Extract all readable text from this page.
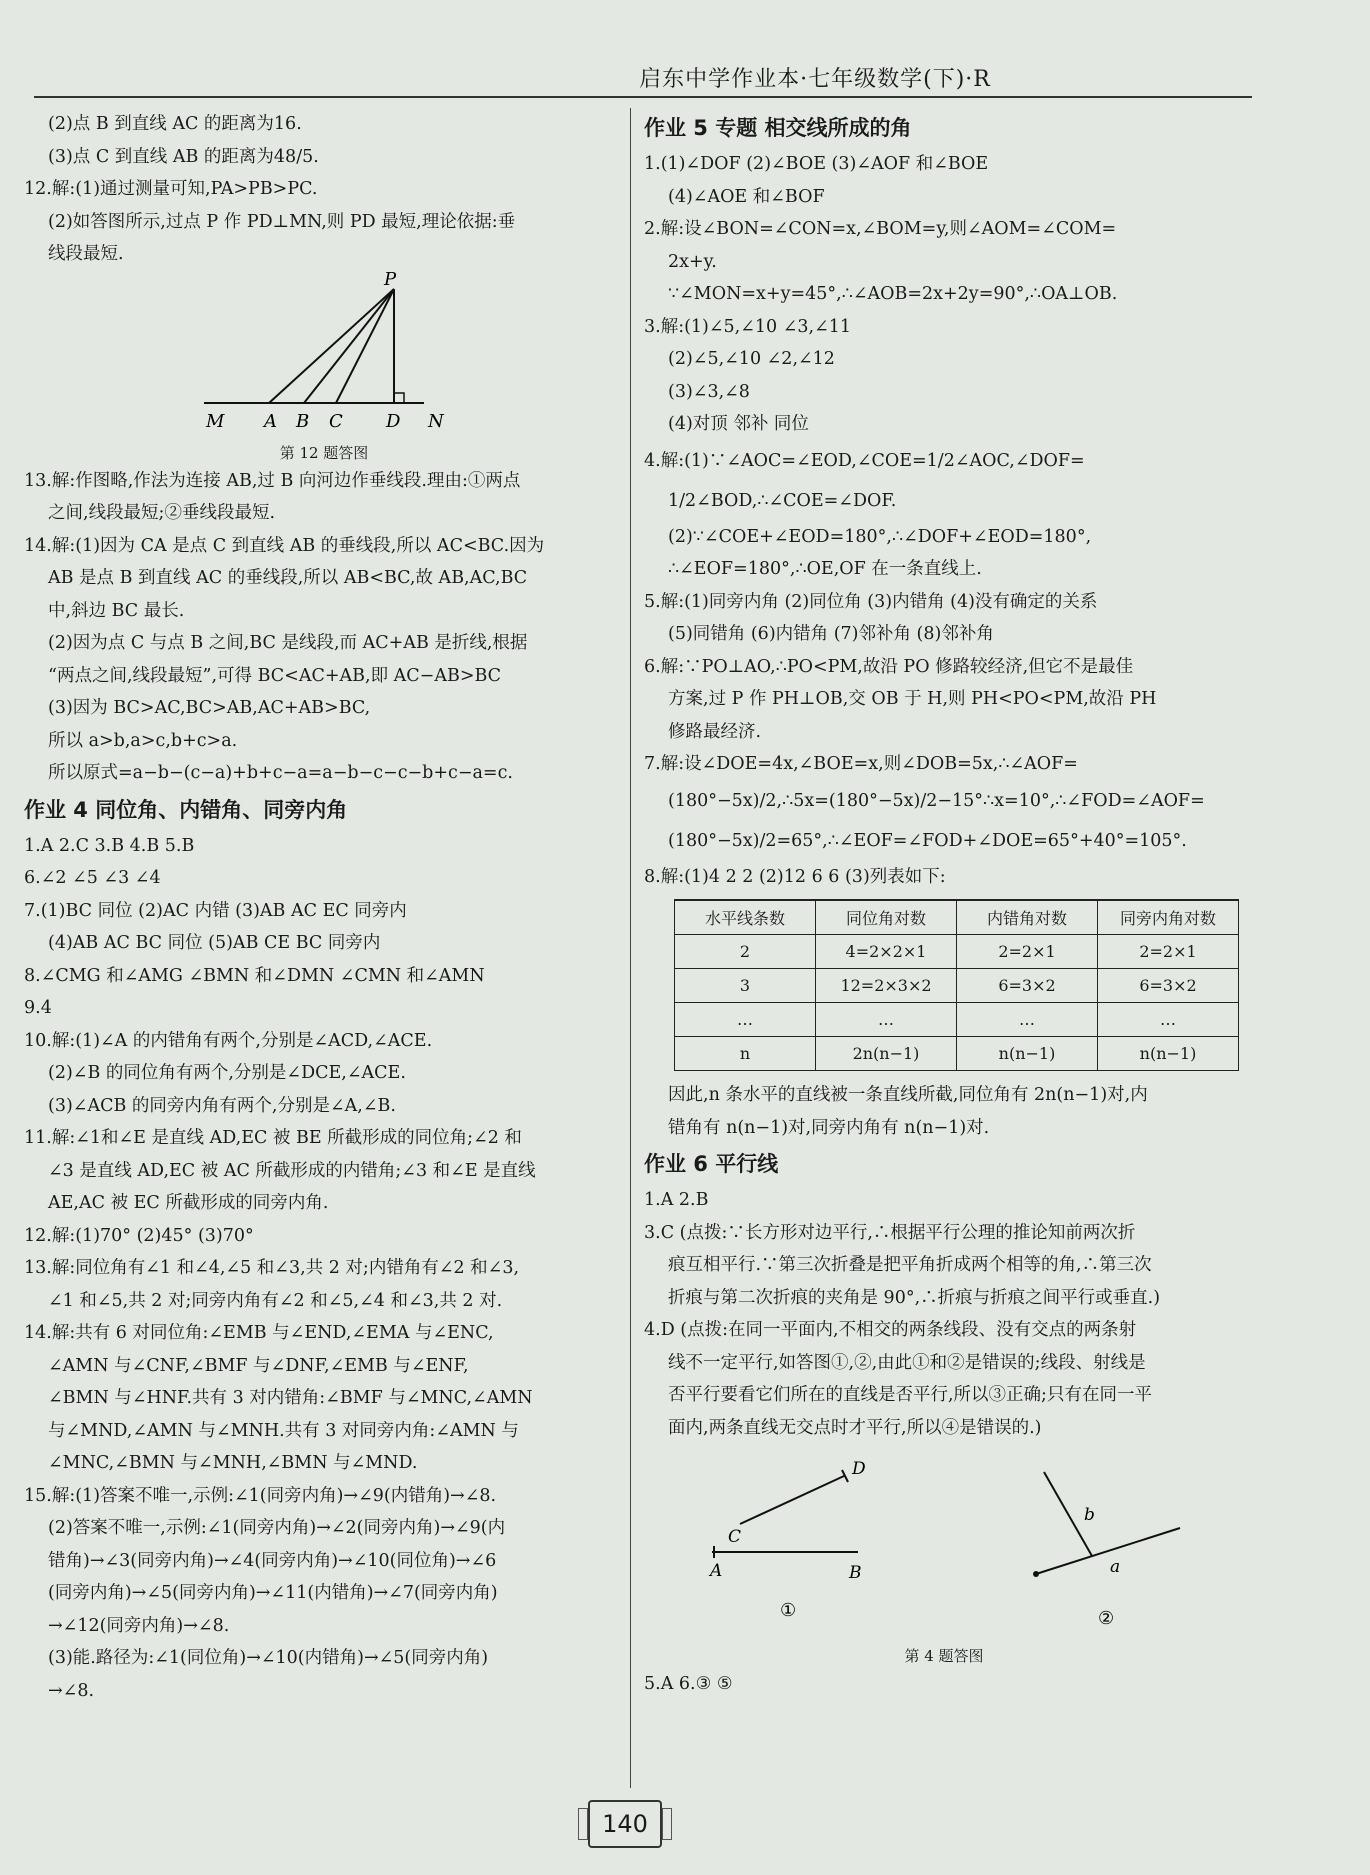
启东中学作业本·七年级数学(下)·R
(2)点 B 到直线 AC 的距离为16.
(3)点 C 到直线 AB 的距离为48/5.
12.解:(1)通过测量可知,PA>PB>PC.
(2)如答图所示,过点 P 作 PD⊥MN,则 PD 最短,理论依据:垂
线段最短.
P
M A B C D N
第 12 题答图
13.解:作图略,作法为连接 AB,过 B 向河边作垂线段.理由:①两点
之间,线段最短;②垂线段最短.
14.解:(1)因为 CA 是点 C 到直线 AB 的垂线段,所以 AC<BC.因为
AB 是点 B 到直线 AC 的垂线段,所以 AB<BC,故 AB,AC,BC
中,斜边 BC 最长.
(2)因为点 C 与点 B 之间,BC 是线段,而 AC+AB 是折线,根据
“两点之间,线段最短”,可得 BC<AC+AB,即 AC−AB>BC
(3)因为 BC>AC,BC>AB,AC+AB>BC,
所以 a>b,a>c,b+c>a.
所以原式=a−b−(c−a)+b+c−a=a−b−c−c−b+c−a=c.
作业 4 同位角、内错角、同旁内角
1.A 2.C 3.B 4.B 5.B
6.∠2 ∠5 ∠3 ∠4
7.(1)BC 同位 (2)AC 内错 (3)AB AC EC 同旁内
(4)AB AC BC 同位 (5)AB CE BC 同旁内
8.∠CMG 和∠AMG ∠BMN 和∠DMN ∠CMN 和∠AMN
9.4
10.解:(1)∠A 的内错角有两个,分别是∠ACD,∠ACE.
(2)∠B 的同位角有两个,分别是∠DCE,∠ACE.
(3)∠ACB 的同旁内角有两个,分别是∠A,∠B.
11.解:∠1和∠E 是直线 AD,EC 被 BE 所截形成的同位角;∠2 和
∠3 是直线 AD,EC 被 AC 所截形成的内错角;∠3 和∠E 是直线
AE,AC 被 EC 所截形成的同旁内角.
12.解:(1)70° (2)45° (3)70°
13.解:同位角有∠1 和∠4,∠5 和∠3,共 2 对;内错角有∠2 和∠3,
∠1 和∠5,共 2 对;同旁内角有∠2 和∠5,∠4 和∠3,共 2 对.
14.解:共有 6 对同位角:∠EMB 与∠END,∠EMA 与∠ENC,
∠AMN 与∠CNF,∠BMF 与∠DNF,∠EMB 与∠ENF,
∠BMN 与∠HNF.共有 3 对内错角:∠BMF 与∠MNC,∠AMN
与∠MND,∠AMN 与∠MNH.共有 3 对同旁内角:∠AMN 与
∠MNC,∠BMN 与∠MNH,∠BMN 与∠MND.
15.解:(1)答案不唯一,示例:∠1(同旁内角)→∠9(内错角)→∠8.
(2)答案不唯一,示例:∠1(同旁内角)→∠2(同旁内角)→∠9(内
错角)→∠3(同旁内角)→∠4(同旁内角)→∠10(同位角)→∠6
(同旁内角)→∠5(同旁内角)→∠11(内错角)→∠7(同旁内角)
→∠12(同旁内角)→∠8.
(3)能.路径为:∠1(同位角)→∠10(内错角)→∠5(同旁内角)
→∠8.
作业 5 专题 相交线所成的角
1.(1)∠DOF (2)∠BOE (3)∠AOF 和∠BOE
(4)∠AOE 和∠BOF
2.解:设∠BON=∠CON=x,∠BOM=y,则∠AOM=∠COM=
2x+y.
∵∠MON=x+y=45°,∴∠AOB=2x+2y=90°,∴OA⊥OB.
3.解:(1)∠5,∠10 ∠3,∠11
(2)∠5,∠10 ∠2,∠12
(3)∠3,∠8
(4)对顶 邻补 同位
4.解:(1)∵∠AOC=∠EOD,∠COE=1/2∠AOC,∠DOF=
1/2∠BOD,∴∠COE=∠DOF.
(2)∵∠COE+∠EOD=180°,∴∠DOF+∠EOD=180°,
∴∠EOF=180°,∴OE,OF 在一条直线上.
5.解:(1)同旁内角 (2)同位角 (3)内错角 (4)没有确定的关系
(5)同错角 (6)内错角 (7)邻补角 (8)邻补角
6.解:∵PO⊥AO,∴PO<PM,故沿 PO 修路较经济,但它不是最佳
方案,过 P 作 PH⊥OB,交 OB 于 H,则 PH<PO<PM,故沿 PH
修路最经济.
7.解:设∠DOE=4x,∠BOE=x,则∠DOB=5x,∴∠AOF=
(180°−5x)/2,∴5x=(180°−5x)/2−15°∴x=10°,∴∠FOD=∠AOF=
(180°−5x)/2=65°,∴∠EOF=∠FOD+∠DOE=65°+40°=105°.
8.解:(1)4 2 2 (2)12 6 6 (3)列表如下:
水平线条数	同位角对数	内错角对数	同旁内角对数
2	4=2×2×1	2=2×1	2=2×1
3	12=2×3×2	6=3×2	6=3×2
…	…	…	…
n	2n(n−1)	n(n−1)	n(n−1)
因此,n 条水平的直线被一条直线所截,同位角有 2n(n−1)对,内
错角有 n(n−1)对,同旁内角有 n(n−1)对.
作业 6 平行线
1.A 2.B
3.C (点拨:∵长方形对边平行,∴根据平行公理的推论知前两次折
痕互相平行.∵第三次折叠是把平角折成两个相等的角,∴第三次
折痕与第二次折痕的夹角是 90°,∴折痕与折痕之间平行或垂直.)
4.D (点拨:在同一平面内,不相交的两条线段、没有交点的两条射
线不一定平行,如答图①,②,由此①和②是错误的;线段、射线是
否平行要看它们所在的直线是否平行,所以③正确;只有在同一平
面内,两条直线无交点时才平行,所以④是错误的.)
A	B
C
D
①
b
a
②
第 4 题答图
5.A 6.③ ⑤
140
